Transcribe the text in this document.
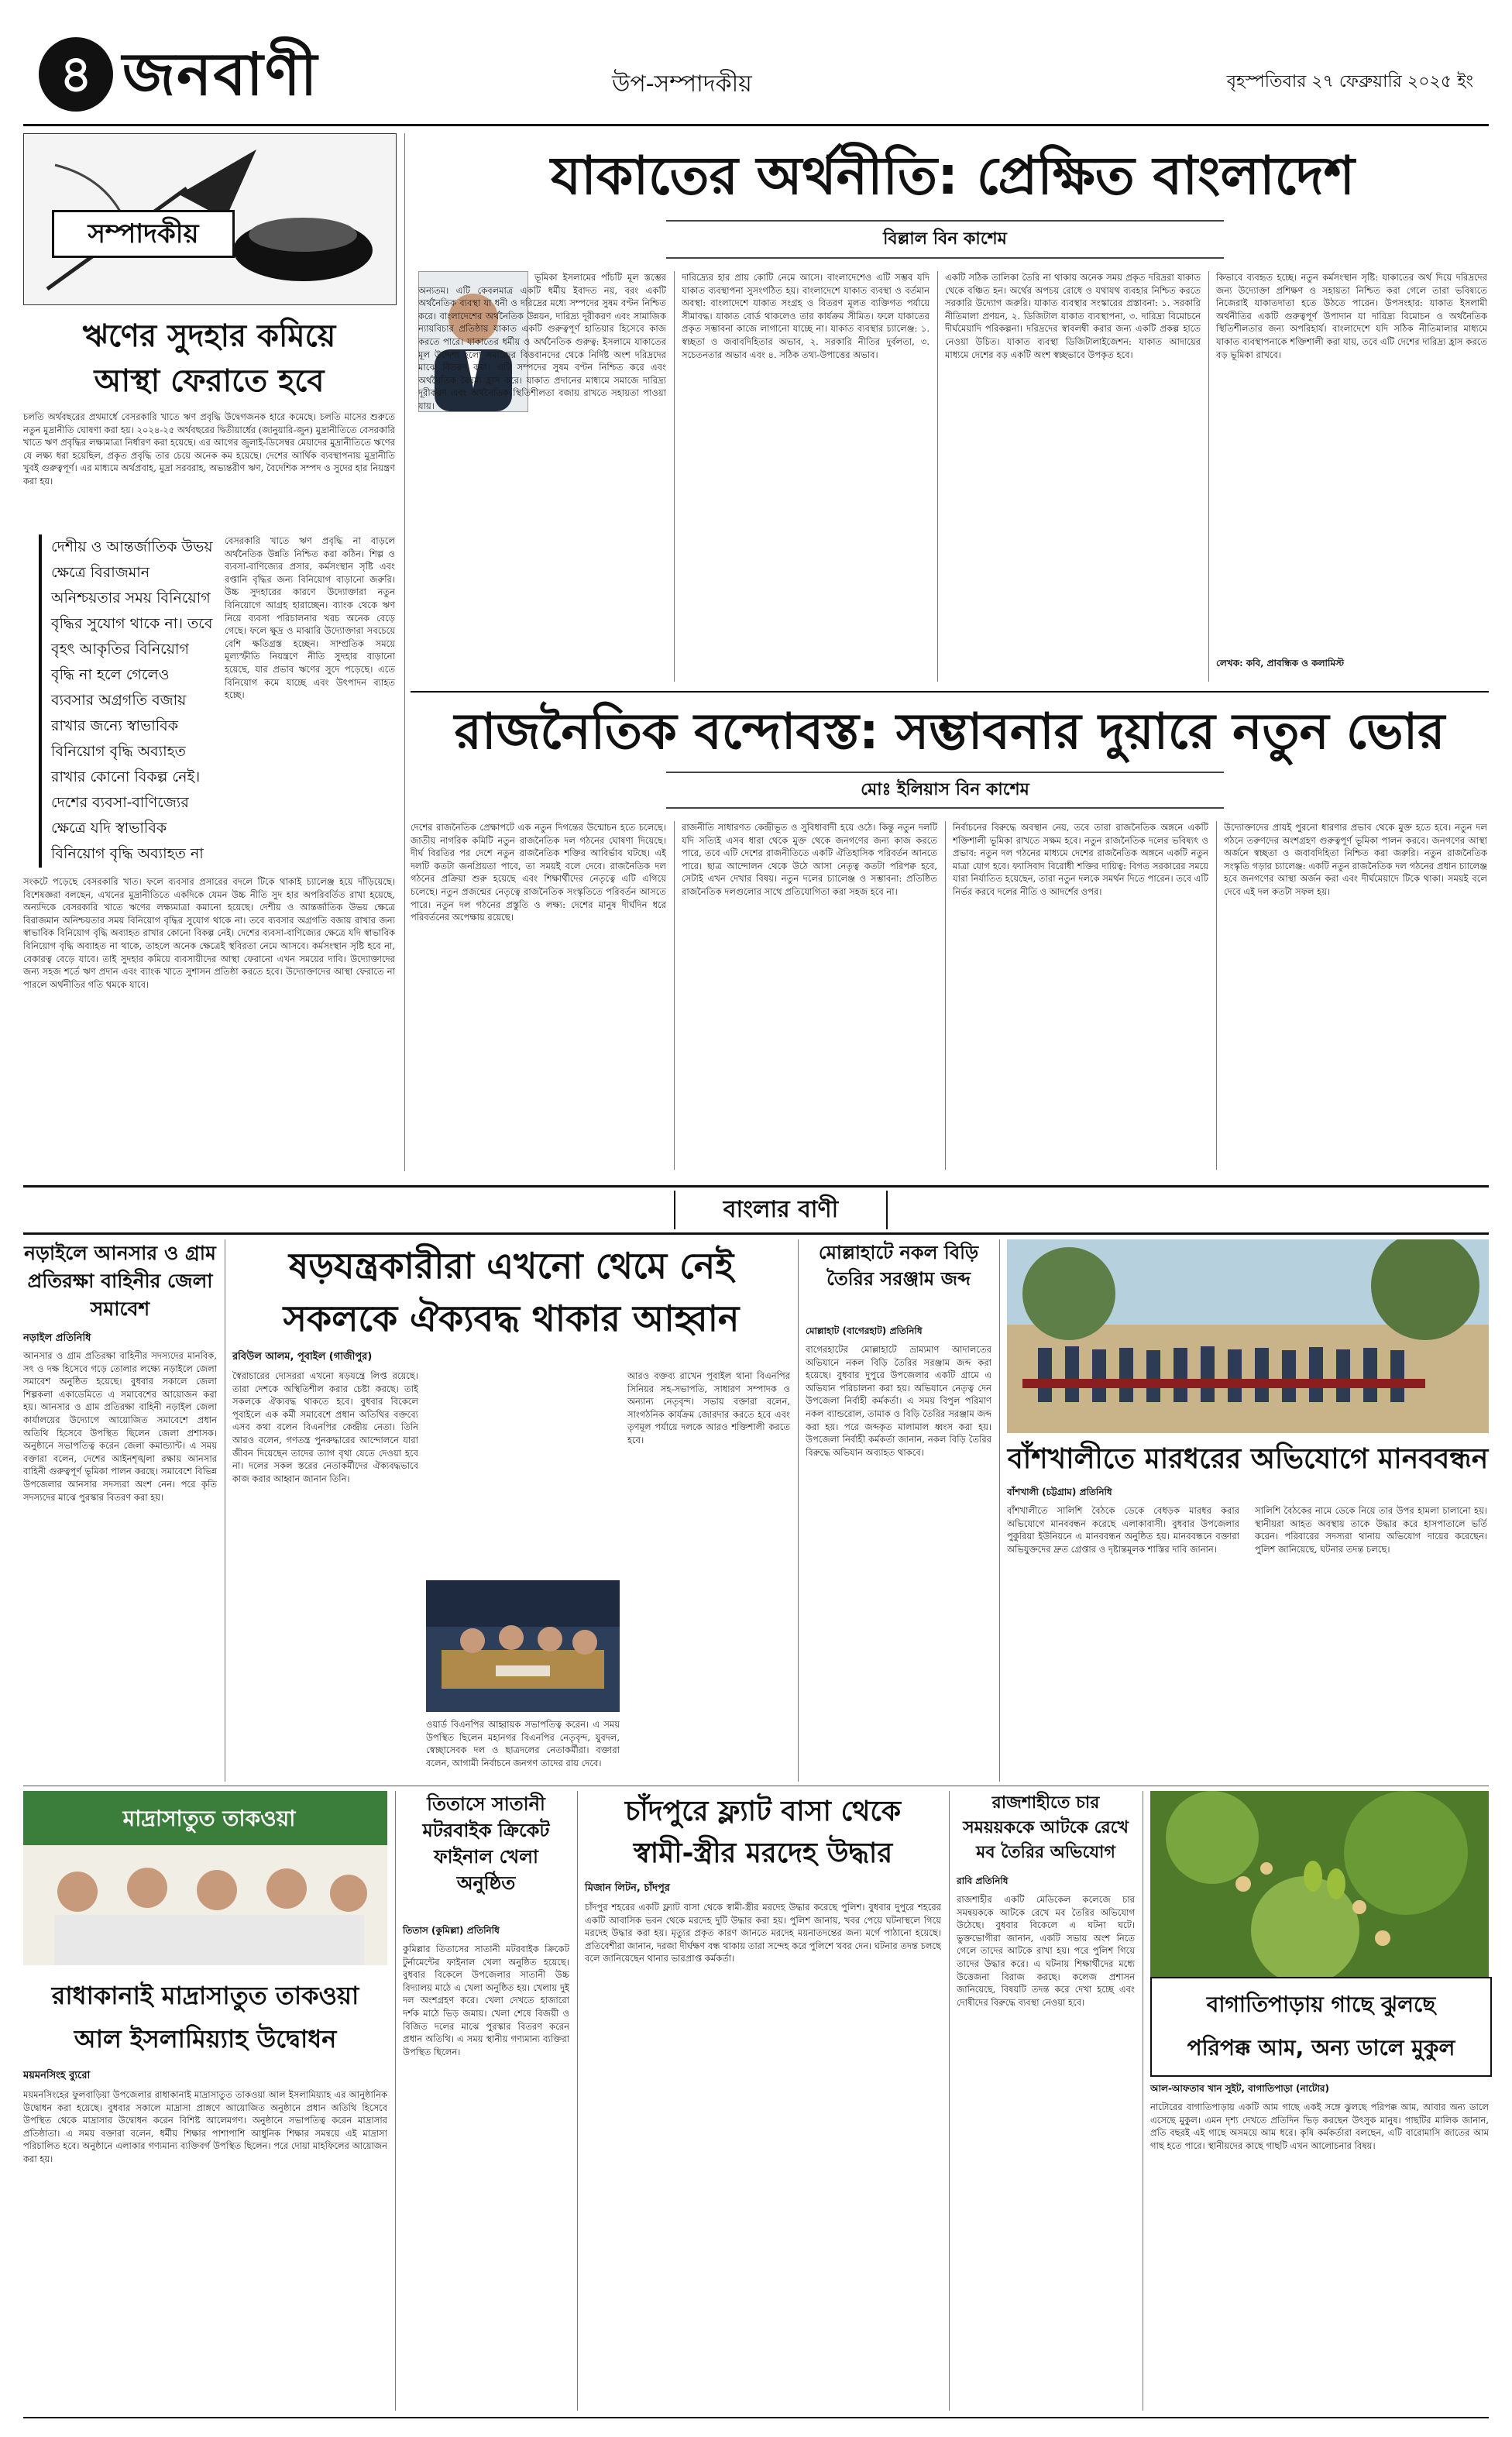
৪ জনবাণী	উপ-সম্পাদকীয়	বৃহস্পতিবার ২৭ ফেব্রুয়ারি ২০২৫ ইং
সম্পাদকীয়
ঋণের সুদহার কমিয়ে
আস্থা ফেরাতে হবে
চলতি অর্থবছরের প্রথমার্ধে বেসরকারি খাতে ঋণ প্রবৃদ্ধি উদ্বেগজনক হারে কমেছে। চলতি মাসের শুরুতে নতুন মুদ্রানীতি ঘোষণা করা হয়। ২০২৪-২৫ অর্থবছরের দ্বিতীয়ার্ধের (জানুয়ারি-জুন) মুদ্রানীতিতে বেসরকারি খাতে ঋণ প্রবৃদ্ধির লক্ষ্যমাত্রা নির্ধারণ করা হয়েছে। এর আগের জুলাই-ডিসেম্বর মেয়াদের মুদ্রানীতিতে ঋণের যে লক্ষ্য ধরা হয়েছিল, প্রকৃত প্রবৃদ্ধি তার চেয়ে অনেক কম হয়েছে। দেশের আর্থিক ব্যবস্থাপনায় মুদ্রানীতি খুবই গুরুত্বপূর্ণ। এর মাধ্যমে অর্থপ্রবাহ, মুদ্রা সরবরাহ, অভ্যন্তরীণ ঋণ, বৈদেশিক সম্পদ ও সুদের হার নিয়ন্ত্রণ করা হয়।
দেশীয় ও আন্তর্জাতিক উভয় ক্ষেত্রে বিরাজমান অনিশ্চয়তার সময় বিনিয়োগ বৃদ্ধির সুযোগ থাকে না। তবে বৃহৎ আকৃতির বিনিয়োগ বৃদ্ধি না হলে গেলেও ব্যবসার অগ্রগতি বজায় রাখার জন্যে স্বাভাবিক বিনিয়োগ বৃদ্ধি অব্যাহত রাখার কোনো বিকল্প নেই। দেশের ব্যবসা-বাণিজ্যের ক্ষেত্রে যদি স্বাভাবিক বিনিয়োগ বৃদ্ধি অব্যাহত না
বেসরকারি খাতে ঋণ প্রবৃদ্ধি না বাড়লে অর্থনৈতিক উন্নতি নিশ্চিত করা কঠিন। শিল্প ও ব্যবসা-বাণিজ্যের প্রসার, কর্মসংস্থান সৃষ্টি এবং রপ্তানি বৃদ্ধির জন্য বিনিয়োগ বাড়ানো জরুরি। উচ্চ সুদহারের কারণে উদ্যোক্তারা নতুন বিনিয়োগে আগ্রহ হারাচ্ছেন। ব্যাংক থেকে ঋণ নিয়ে ব্যবসা পরিচালনার খরচ অনেক বেড়ে গেছে। ফলে ক্ষুদ্র ও মাঝারি উদ্যোক্তারা সবচেয়ে বেশি ক্ষতিগ্রস্ত হচ্ছেন। সাম্প্রতিক সময়ে মূল্যস্ফীতি নিয়ন্ত্রণে নীতি সুদহার বাড়ানো হয়েছে, যার প্রভাব ঋণের সুদে পড়েছে। এতে বিনিয়োগ কমে যাচ্ছে এবং উৎপাদন ব্যাহত হচ্ছে।
সংকটে পড়েছে বেসরকারি খাত। ফলে ব্যবসার প্রসারের বদলে টিকে থাকাই চ্যালেঞ্জ হয়ে দাঁড়িয়েছে। বিশেষজ্ঞরা বলছেন, এখনের মুদ্রানীতিতে একদিকে যেমন উচ্চ নীতি সুদ হার অপরিবর্তিত রাখা হয়েছে, অন্যদিকে বেসরকারি খাতে ঋণের লক্ষ্যমাত্রা কমানো হয়েছে। দেশীয় ও আন্তর্জাতিক উভয় ক্ষেত্রে বিরাজমান অনিশ্চয়তার সময় বিনিয়োগ বৃদ্ধির সুযোগ থাকে না। তবে ব্যবসার অগ্রগতি বজায় রাখার জন্য স্বাভাবিক বিনিয়োগ বৃদ্ধি অব্যাহত রাখার কোনো বিকল্প নেই। দেশের ব্যবসা-বাণিজ্যের ক্ষেত্রে যদি স্বাভাবিক বিনিয়োগ বৃদ্ধি অব্যাহত না থাকে, তাহলে অনেক ক্ষেত্রেই স্থবিরতা নেমে আসবে। কর্মসংস্থান সৃষ্টি হবে না, বেকারত্ব বেড়ে যাবে। তাই সুদহার কমিয়ে ব্যবসায়ীদের আস্থা ফেরানো এখন সময়ের দাবি। উদ্যোক্তাদের জন্য সহজ শর্তে ঋণ প্রদান এবং ব্যাংক খাতে সুশাসন প্রতিষ্ঠা করতে হবে। উদ্যোক্তাদের আস্থা ফেরাতে না পারলে অর্থনীতির গতি থমকে যাবে।
যাকাতের অর্থনীতি: প্রেক্ষিত বাংলাদেশ
বিল্লাল বিন কাশেম
ভূমিকা ইসলামের পাঁচটি মূল স্তম্ভের অন্যতম। এটি কেবলমাত্র একটি ধর্মীয় ইবাদত নয়, বরং একটি অর্থনৈতিক ব্যবস্থা যা ধনী ও দরিদ্রের মধ্যে সম্পদের সুষম বণ্টন নিশ্চিত করে। বাংলাদেশের অর্থনৈতিক উন্নয়ন, দারিদ্র্য দূরীকরণ এবং সামাজিক ন্যায়বিচার প্রতিষ্ঠায় যাকাত একটি গুরুত্বপূর্ণ হাতিয়ার হিসেবে কাজ করতে পারে। যাকাতের ধর্মীয় ও অর্থনৈতিক গুরুত্ব: ইসলামে যাকাতের মূল উদ্দেশ্য হলো সমাজের বিত্তবানদের থেকে নির্দিষ্ট অংশ দরিদ্রদের মাঝে বিতরণ করা। এটি সম্পদের সুষম বণ্টন নিশ্চিত করে এবং অর্থনৈতিক বৈষম্য হ্রাস করে। যাকাত প্রদানের মাধ্যমে সমাজে দারিদ্র্য দূরীকরণ এবং অর্থনৈতিক স্থিতিশীলতা বজায় রাখতে সহায়তা পাওয়া যায়।
দারিদ্র্যের হার প্রায় কোটি নেমে আসে। বাংলাদেশেও এটি সম্ভব যদি যাকাত ব্যবস্থাপনা সুসংগঠিত হয়। বাংলাদেশে যাকাত ব্যবস্থা ও বর্তমান অবস্থা: বাংলাদেশে যাকাত সংগ্রহ ও বিতরণ মূলত ব্যক্তিগত পর্যায়ে সীমাবদ্ধ। যাকাত বোর্ড থাকলেও তার কার্যক্রম সীমিত। ফলে যাকাতের প্রকৃত সম্ভাবনা কাজে লাগানো যাচ্ছে না। যাকাত ব্যবস্থার চ্যালেঞ্জ: ১. স্বচ্ছতা ও জবাবদিহিতার অভাব, ২. সরকারি নীতির দুর্বলতা, ৩. সচেতনতার অভাব এবং ৪. সঠিক তথ্য-উপাত্তের অভাব।
একটি সঠিক তালিকা তৈরি না থাকায় অনেক সময় প্রকৃত দরিদ্ররা যাকাত থেকে বঞ্চিত হন। অর্থের অপচয় রোধে ও যথাযথ ব্যবহার নিশ্চিত করতে সরকারি উদ্যোগ জরুরি। যাকাত ব্যবস্থার সংস্কারের প্রস্তাবনা: ১. সরকারি নীতিমালা প্রণয়ন, ২. ডিজিটাল যাকাত ব্যবস্থাপনা, ৩. দারিদ্র্য বিমোচনে দীর্ঘমেয়াদি পরিকল্পনা। দরিদ্রদের স্বাবলম্বী করার জন্য একটি প্রকল্প হাতে নেওয়া উচিত। যাকাত ব্যবস্থা ডিজিটালাইজেশন: যাকাত আদায়ের মাধ্যমে দেশের বড় একটি অংশ স্বচ্ছভাবে উপকৃত হবে।
কিভাবে ব্যবহৃত হচ্ছে। নতুন কর্মসংস্থান সৃষ্টি: যাকাতের অর্থ দিয়ে দরিদ্রদের জন্য উদ্যোক্তা প্রশিক্ষণ ও সহায়তা নিশ্চিত করা গেলে তারা ভবিষ্যতে নিজেরাই যাকাতদাতা হতে উঠতে পারেন। উপসংহার: যাকাত ইসলামী অর্থনীতির একটি গুরুত্বপূর্ণ উপাদান যা দারিদ্র্য বিমোচন ও অর্থনৈতিক স্থিতিশীলতার জন্য অপরিহার্য। বাংলাদেশে যদি সঠিক নীতিমালার মাধ্যমে যাকাত ব্যবস্থাপনাকে শক্তিশালী করা যায়, তবে এটি দেশের দারিদ্র্য হ্রাস করতে বড় ভূমিকা রাখবে।
লেখক: কবি, প্রাবন্ধিক ও কলামিস্ট
রাজনৈতিক বন্দোবস্ত: সম্ভাবনার দুয়ারে নতুন ভোর
মোঃ ইলিয়াস বিন কাশেম
দেশের রাজনৈতিক প্রেক্ষাপটে এক নতুন দিগন্তের উন্মোচন হতে চলেছে। জাতীয় নাগরিক কমিটি নতুন রাজনৈতিক দল গঠনের ঘোষণা দিয়েছে। দীর্ঘ বিরতির পর দেশে নতুন রাজনৈতিক শক্তির আবির্ভাব ঘটছে। এই দলটি কতটা জনপ্রিয়তা পাবে, তা সময়ই বলে দেবে। রাজনৈতিক দল গঠনের প্রক্রিয়া শুরু হয়েছে এবং শিক্ষার্থীদের নেতৃত্বে এটি এগিয়ে চলেছে। নতুন প্রজন্মের নেতৃত্বে রাজনৈতিক সংস্কৃতিতে পরিবর্তন আসতে পারে। নতুন দল গঠনের প্রস্তুতি ও লক্ষ্য: দেশের মানুষ দীর্ঘদিন ধরে পরিবর্তনের অপেক্ষায় রয়েছে।
রাজনীতি সাধারণত কেন্দ্রীভূত ও সুবিধাবাদী হয়ে ওঠে। কিন্তু নতুন দলটি যদি সত্যিই এসব ধারা থেকে মুক্ত থেকে জনগণের জন্য কাজ করতে পারে, তবে এটি দেশের রাজনীতিতে একটি ঐতিহাসিক পরিবর্তন আনতে পারে। ছাত্র আন্দোলন থেকে উঠে আসা নেতৃত্ব কতটা পরিপক্ব হবে, সেটাই এখন দেখার বিষয়। নতুন দলের চ্যালেঞ্জ ও সম্ভাবনা: প্রতিষ্ঠিত রাজনৈতিক দলগুলোর সাথে প্রতিযোগিতা করা সহজ হবে না।
নির্বাচনের বিরুদ্ধে অবস্থান নেয়, তবে তারা রাজনৈতিক অঙ্গনে একটি শক্তিশালী ভূমিকা রাখতে সক্ষম হবে। নতুন রাজনৈতিক দলের ভবিষ্যৎ ও প্রভাব: নতুন দল গঠনের মাধ্যমে দেশের রাজনৈতিক অঙ্গনে একটি নতুন মাত্রা যোগ হবে। ফ্যাসিবাদ বিরোধী শক্তির দায়িত্ব: বিগত সরকারের সময়ে যারা নির্যাতিত হয়েছেন, তারা নতুন দলকে সমর্থন দিতে পারেন। তবে এটি নির্ভর করবে দলের নীতি ও আদর্শের ওপর।
উদ্যোক্তাদের প্রায়ই পুরনো ধারণার প্রভাব থেকে মুক্ত হতে হবে। নতুন দল গঠনে তরুণদের অংশগ্রহণ গুরুত্বপূর্ণ ভূমিকা পালন করবে। জনগণের আস্থা অর্জনে স্বচ্ছতা ও জবাবদিহিতা নিশ্চিত করা জরুরি। নতুন রাজনৈতিক সংস্কৃতি গড়ার চ্যালেঞ্জ: একটি নতুন রাজনৈতিক দল গঠনের প্রধান চ্যালেঞ্জ হবে জনগণের আস্থা অর্জন করা এবং দীর্ঘমেয়াদে টিকে থাকা। সময়ই বলে দেবে এই দল কতটা সফল হয়।
বাংলার বাণী
নড়াইলে আনসার ও গ্রাম প্রতিরক্ষা বাহিনীর জেলা সমাবেশ
নড়াইল প্রতিনিধি
আনসার ও গ্রাম প্রতিরক্ষা বাহিনীর সদস্যদের মানবিক, সৎ ও দক্ষ হিসেবে গড়ে তোলার লক্ষ্যে নড়াইলে জেলা সমাবেশ অনুষ্ঠিত হয়েছে। বুধবার সকালে জেলা শিল্পকলা একাডেমিতে এ সমাবেশের আয়োজন করা হয়। আনসার ও গ্রাম প্রতিরক্ষা বাহিনী নড়াইল জেলা কার্যালয়ের উদ্যোগে আয়োজিত সমাবেশে প্রধান অতিথি হিসেবে উপস্থিত ছিলেন জেলা প্রশাসক। অনুষ্ঠানে সভাপতিত্ব করেন জেলা কমান্ড্যান্ট। এ সময় বক্তারা বলেন, দেশের আইনশৃঙ্খলা রক্ষায় আনসার বাহিনী গুরুত্বপূর্ণ ভূমিকা পালন করছে। সমাবেশে বিভিন্ন উপজেলার আনসার সদস্যরা অংশ নেন। পরে কৃতি সদস্যদের মাঝে পুরস্কার বিতরণ করা হয়।
ষড়যন্ত্রকারীরা এখনো থেমে নেই
সকলকে ঐক্যবদ্ধ থাকার আহ্বান
রবিউল আলম, পূবাইল (গাজীপুর)
স্বৈরাচারের দোসররা এখনো ষড়যন্ত্রে লিপ্ত রয়েছে। তারা দেশকে অস্থিতিশীল করার চেষ্টা করছে। তাই সকলকে ঐক্যবদ্ধ থাকতে হবে। বুধবার বিকেলে পূবাইলে এক কর্মী সমাবেশে প্রধান অতিথির বক্তব্যে এসব কথা বলেন বিএনপির কেন্দ্রীয় নেতা। তিনি আরও বলেন, গণতন্ত্র পুনরুদ্ধারের আন্দোলনে যারা জীবন দিয়েছেন তাদের ত্যাগ বৃথা যেতে দেওয়া হবে না। দলের সকল স্তরের নেতাকর্মীদের ঐক্যবদ্ধভাবে কাজ করার আহ্বান জানান তিনি।
ওয়ার্ড বিএনপির আহ্বায়ক সভাপতিত্ব করেন। এ সময় উপস্থিত ছিলেন মহানগর বিএনপির নেতৃবৃন্দ, যুবদল, স্বেচ্ছাসেবক দল ও ছাত্রদলের নেতাকর্মীরা। বক্তারা বলেন, আগামী নির্বাচনে জনগণ তাদের রায় দেবে।
আরও বক্তব্য রাখেন পূবাইল থানা বিএনপির সিনিয়র সহ-সভাপতি, সাধারণ সম্পাদক ও অন্যান্য নেতৃবৃন্দ। সভায় বক্তারা বলেন, সাংগঠনিক কার্যক্রম জোরদার করতে হবে এবং তৃণমূল পর্যায়ে দলকে আরও শক্তিশালী করতে হবে।
মোল্লাহাটে নকল বিড়ি তৈরির সরঞ্জাম জব্দ
মোল্লাহাট (বাগেরহাট) প্রতিনিধি
বাগেরহাটের মোল্লাহাটে ভ্রাম্যমাণ আদালতের অভিযানে নকল বিড়ি তৈরির সরঞ্জাম জব্দ করা হয়েছে। বুধবার দুপুরে উপজেলার একটি গ্রামে এ অভিযান পরিচালনা করা হয়। অভিযানে নেতৃত্ব দেন উপজেলা নির্বাহী কর্মকর্তা। এ সময় বিপুল পরিমাণ নকল ব্যান্ডরোল, তামাক ও বিড়ি তৈরির সরঞ্জাম জব্দ করা হয়। পরে জব্দকৃত মালামাল ধ্বংস করা হয়। উপজেলা নির্বাহী কর্মকর্তা জানান, নকল বিড়ি তৈরির বিরুদ্ধে অভিযান অব্যাহত থাকবে।	বাঁশখালীতে মারধরের অভিযোগে মানববন্ধন
বাঁশখালী (চট্টগ্রাম) প্রতিনিধি
বাঁশখালীতে সালিশি বৈঠকে ডেকে বেধড়ক মারধর করার অভিযোগে মানববন্ধন করেছে এলাকাবাসী। বুধবার উপজেলার পুকুরিয়া ইউনিয়নে এ মানববন্ধন অনুষ্ঠিত হয়। মানববন্ধনে বক্তারা অভিযুক্তদের দ্রুত গ্রেপ্তার ও দৃষ্টান্তমূলক শাস্তির দাবি জানান।
সালিশি বৈঠকের নামে ডেকে নিয়ে তার উপর হামলা চালানো হয়। স্থানীয়রা আহত অবস্থায় তাকে উদ্ধার করে হাসপাতালে ভর্তি করেন। পরিবারের সদস্যরা থানায় অভিযোগ দায়ের করেছেন। পুলিশ জানিয়েছে, ঘটনার তদন্ত চলছে।
মাদ্রাসাতুত তাকওয়া
রাধাকানাই মাদ্রাসাতুত তাকওয়া
আল ইসলামিয়্যাহ উদ্বোধন
ময়মনসিংহ ব্যুরো
ময়মনসিংহের ফুলবাড়িয়া উপজেলার রাধাকানাই মাদ্রাসাতুত তাকওয়া আল ইসলামিয়্যাহ এর আনুষ্ঠানিক উদ্বোধন করা হয়েছে। বুধবার সকালে মাদ্রাসা প্রাঙ্গণে আয়োজিত অনুষ্ঠানে প্রধান অতিথি হিসেবে উপস্থিত থেকে মাদ্রাসার উদ্বোধন করেন বিশিষ্ট আলেমগণ। অনুষ্ঠানে সভাপতিত্ব করেন মাদ্রাসার প্রতিষ্ঠাতা। এ সময় বক্তারা বলেন, ধর্মীয় শিক্ষার পাশাপাশি আধুনিক শিক্ষার সমন্বয়ে এই মাদ্রাসা পরিচালিত হবে। অনুষ্ঠানে এলাকার গণ্যমান্য ব্যক্তিবর্গ উপস্থিত ছিলেন। পরে দোয়া মাহফিলের আয়োজন করা হয়।
তিতাসে সাতানী মটরবাইক ক্রিকেট ফাইনাল খেলা অনুষ্ঠিত
তিতাস (কুমিল্লা) প্রতিনিধি
কুমিল্লার তিতাসের সাতানী মটরবাইক ক্রিকেট টুর্নামেন্টের ফাইনাল খেলা অনুষ্ঠিত হয়েছে। বুধবার বিকেলে উপজেলার সাতানী উচ্চ বিদ্যালয় মাঠে এ খেলা অনুষ্ঠিত হয়। খেলায় দুই দল অংশগ্রহণ করে। খেলা দেখতে হাজারো দর্শক মাঠে ভিড় জমায়। খেলা শেষে বিজয়ী ও বিজিত দলের মাঝে পুরস্কার বিতরণ করেন প্রধান অতিথি। এ সময় স্থানীয় গণ্যমান্য ব্যক্তিরা উপস্থিত ছিলেন।
চাঁদপুরে ফ্ল্যাট বাসা থেকে
স্বামী-স্ত্রীর মরদেহ উদ্ধার
মিজান লিটন, চাঁদপুর
চাঁদপুর শহরের একটি ফ্ল্যাট বাসা থেকে স্বামী-স্ত্রীর মরদেহ উদ্ধার করেছে পুলিশ। বুধবার দুপুরে শহরের একটি আবাসিক ভবন থেকে মরদেহ দুটি উদ্ধার করা হয়। পুলিশ জানায়, খবর পেয়ে ঘটনাস্থলে গিয়ে মরদেহ উদ্ধার করা হয়। মৃত্যুর প্রকৃত কারণ জানতে মরদেহ ময়নাতদন্তের জন্য মর্গে পাঠানো হয়েছে। প্রতিবেশীরা জানান, দরজা দীর্ঘক্ষণ বন্ধ থাকায় তারা সন্দেহ করে পুলিশে খবর দেন। ঘটনার তদন্ত চলছে বলে জানিয়েছেন থানার ভারপ্রাপ্ত কর্মকর্তা।
রাজশাহীতে চার সময়য়ককে আটকে রেখে মব তৈরির অভিযোগ
রাবি প্রতিনিধি
রাজশাহীর একটি মেডিকেল কলেজে চার সমন্বয়ককে আটকে রেখে মব তৈরির অভিযোগ উঠেছে। বুধবার বিকেলে এ ঘটনা ঘটে। ভুক্তভোগীরা জানান, একটি সভায় অংশ নিতে গেলে তাদের আটকে রাখা হয়। পরে পুলিশ গিয়ে তাদের উদ্ধার করে। এ ঘটনায় শিক্ষার্থীদের মধ্যে উত্তেজনা বিরাজ করছে। কলেজ প্রশাসন জানিয়েছে, বিষয়টি তদন্ত করে দেখা হচ্ছে এবং দোষীদের বিরুদ্ধে ব্যবস্থা নেওয়া হবে।	বাগাতিপাড়ায় গাছে ঝুলছে
পরিপক্ক আম, অন্য ডালে মুকুল
আল-আফতাব খান সুইট, বাগাতিপাড়া (নাটোর)
নাটোরের বাগাতিপাড়ায় একটি আম গাছে একই সঙ্গে ঝুলছে পরিপক্ক আম, আবার অন্য ডালে এসেছে মুকুল। এমন দৃশ্য দেখতে প্রতিদিন ভিড় করছেন উৎসুক মানুষ। গাছটির মালিক জানান, প্রতি বছরই এই গাছে অসময়ে আম ধরে। কৃষি কর্মকর্তারা বলছেন, এটি বারোমাসি জাতের আম গাছ হতে পারে। স্থানীয়দের কাছে গাছটি এখন আলোচনার বিষয়।
